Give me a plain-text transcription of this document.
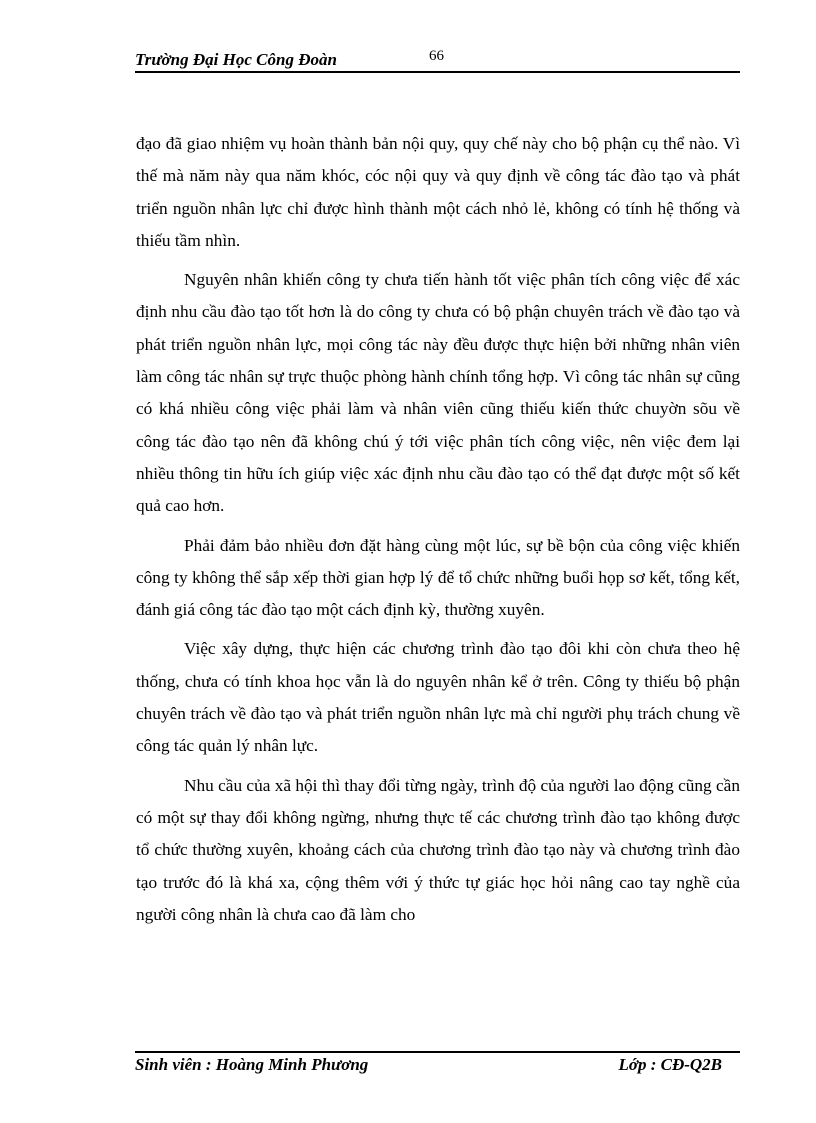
Trường Đại Học Công Đoàn	66

đạo đã giao nhiệm vụ hoàn thành bản nội quy, quy chế này cho bộ phận cụ thể nào. Vì thế mà năm này qua năm khóc, cóc nội quy và quy định về công tác đào tạo và phát triển nguồn nhân lực chỉ được hình thành một cách nhỏ lẻ, không có tính hệ thống và thiếu tầm nhìn.

Nguyên nhân khiến công ty chưa tiến hành tốt việc phân tích công việc để xác định nhu cầu đào tạo tốt hơn là do công ty chưa có bộ phận chuyên trách về đào tạo và phát triển nguồn nhân lực, mọi công tác này đều được thực hiện bởi những nhân viên làm công tác nhân sự trực thuộc phòng hành chính tổng hợp. Vì công tác nhân sự cũng có khá nhiều công việc phải làm và nhân viên cũng thiếu kiến thức chuyờn sõu về công tác đào tạo nên đã không chú ý tới việc phân tích công việc, nên việc đem lại nhiều thông tin hữu ích giúp việc xác định nhu cầu đào tạo có thể đạt được một số kết quả cao hơn.

Phải đảm bảo nhiều đơn đặt hàng cùng một lúc, sự bề bộn của công việc khiến công ty không thể sắp xếp thời gian hợp lý để tổ chức những buổi họp sơ kết, tổng kết, đánh giá công tác đào tạo một cách định kỳ, thường xuyên.

Việc xây dựng, thực hiện các chương trình đào tạo đôi khi còn chưa theo hệ thống, chưa có tính khoa học vẫn là do nguyên nhân kể ở trên. Công ty thiếu bộ phận chuyên trách về đào tạo và phát triển nguồn nhân lực mà chỉ người phụ trách chung về công tác quản lý nhân lực.

Nhu cầu của xã hội thì thay đổi từng ngày, trình độ của người lao động cũng cần có một sự thay đổi không ngừng, nhưng thực tế các chương trình đào tạo không được tổ chức thường xuyên, khoảng cách của chương trình đào tạo này và chương trình đào tạo trước đó là khá xa, cộng thêm với ý thức tự giác học hỏi nâng cao tay nghề của người công nhân là chưa cao đã làm cho

Sinh viên : Hoàng Minh Phương	Lớp : CĐ-Q2B
